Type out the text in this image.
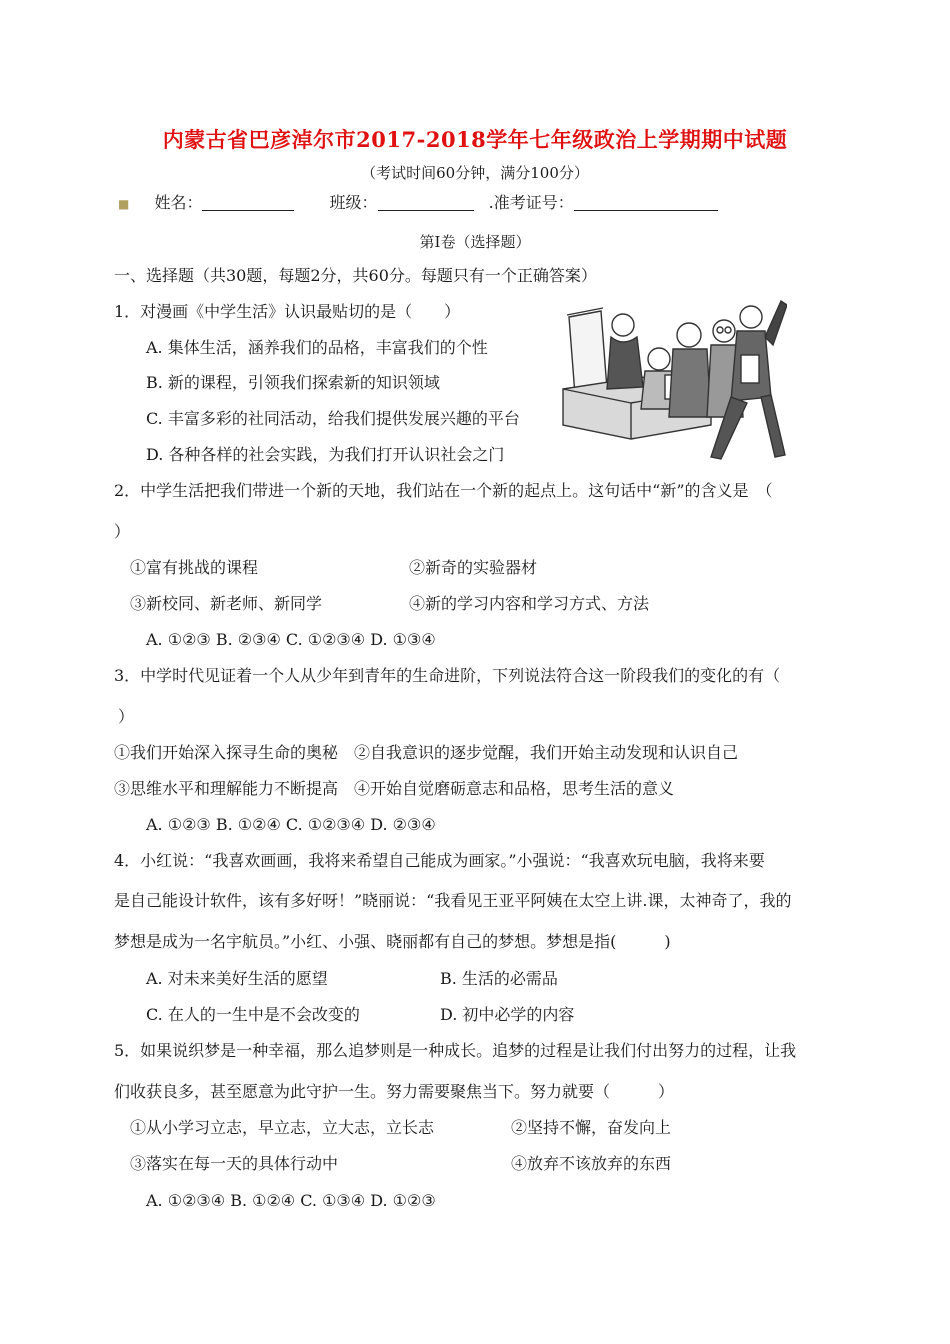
内蒙古省巴彦淖尔市2017-2018学年七年级政治上学期期中试题
（考试时间60分钟，满分100分）
■ 姓名：	班级：	.准考证号：
第Ⅰ卷（选择题）
一、选择题（共30题，每题2分，共60分。每题只有一个正确答案）
1．对漫画《中学生活》认识最贴切的是（　　）
A. 集体生活，涵养我们的品格，丰富我们的个性
B. 新的课程，引领我们探索新的知识领域
C. 丰富多彩的社同活动，给我们提供发展兴趣的平台
D. 各种各样的社会实践，为我们打开认识社会之门
2．中学生活把我们带进一个新的天地，我们站在一个新的起点上。这句话中“新”的含义是　（
）
①富有挑战的课程	②新奇的实验器材
③新校同、新老师、新同学	④新的学习内容和学习方式、方法
A. ①②③ B. ②③④ C. ①②③④ D. ①③④
3．中学时代见证着一个人从少年到青年的生命进阶，下列说法符合这一阶段我们的变化的有（
）
①我们开始深入探寻生命的奥秘　②自我意识的逐步觉醒，我们开始主动发现和认识自己
③思维水平和理解能力不断提高　④开始自觉磨砺意志和品格，思考生活的意义
A. ①②③ B. ①②④ C. ①②③④ D. ②③④
4．小红说：“我喜欢画画，我将来希望自己能成为画家。”小强说：“我喜欢玩电脑，我将来要
是自己能设计软件，该有多好呀！”晓丽说：“我看见王亚平阿姨在太空上讲.课，太神奇了，我的
梦想是成为一名宇航员。”小红、小强、晓丽都有自己的梦想。梦想是指(　　　)
A. 对未来美好生活的愿望	B. 生活的必需品
C. 在人的一生中是不会改变的	D. 初中必学的内容
5．如果说织梦是一种幸福，那么追梦则是一种成长。追梦的过程是让我们付出努力的过程，让我
们收获良多，甚至愿意为此守护一生。努力需要聚焦当下。努力就要（　　　）
①从小学习立志，早立志，立大志，立长志	②坚持不懈，奋发向上
③落实在每一天的具体行动中	④放弃不该放弃的东西
A. ①②③④ B. ①②④ C. ①③④ D. ①②③
